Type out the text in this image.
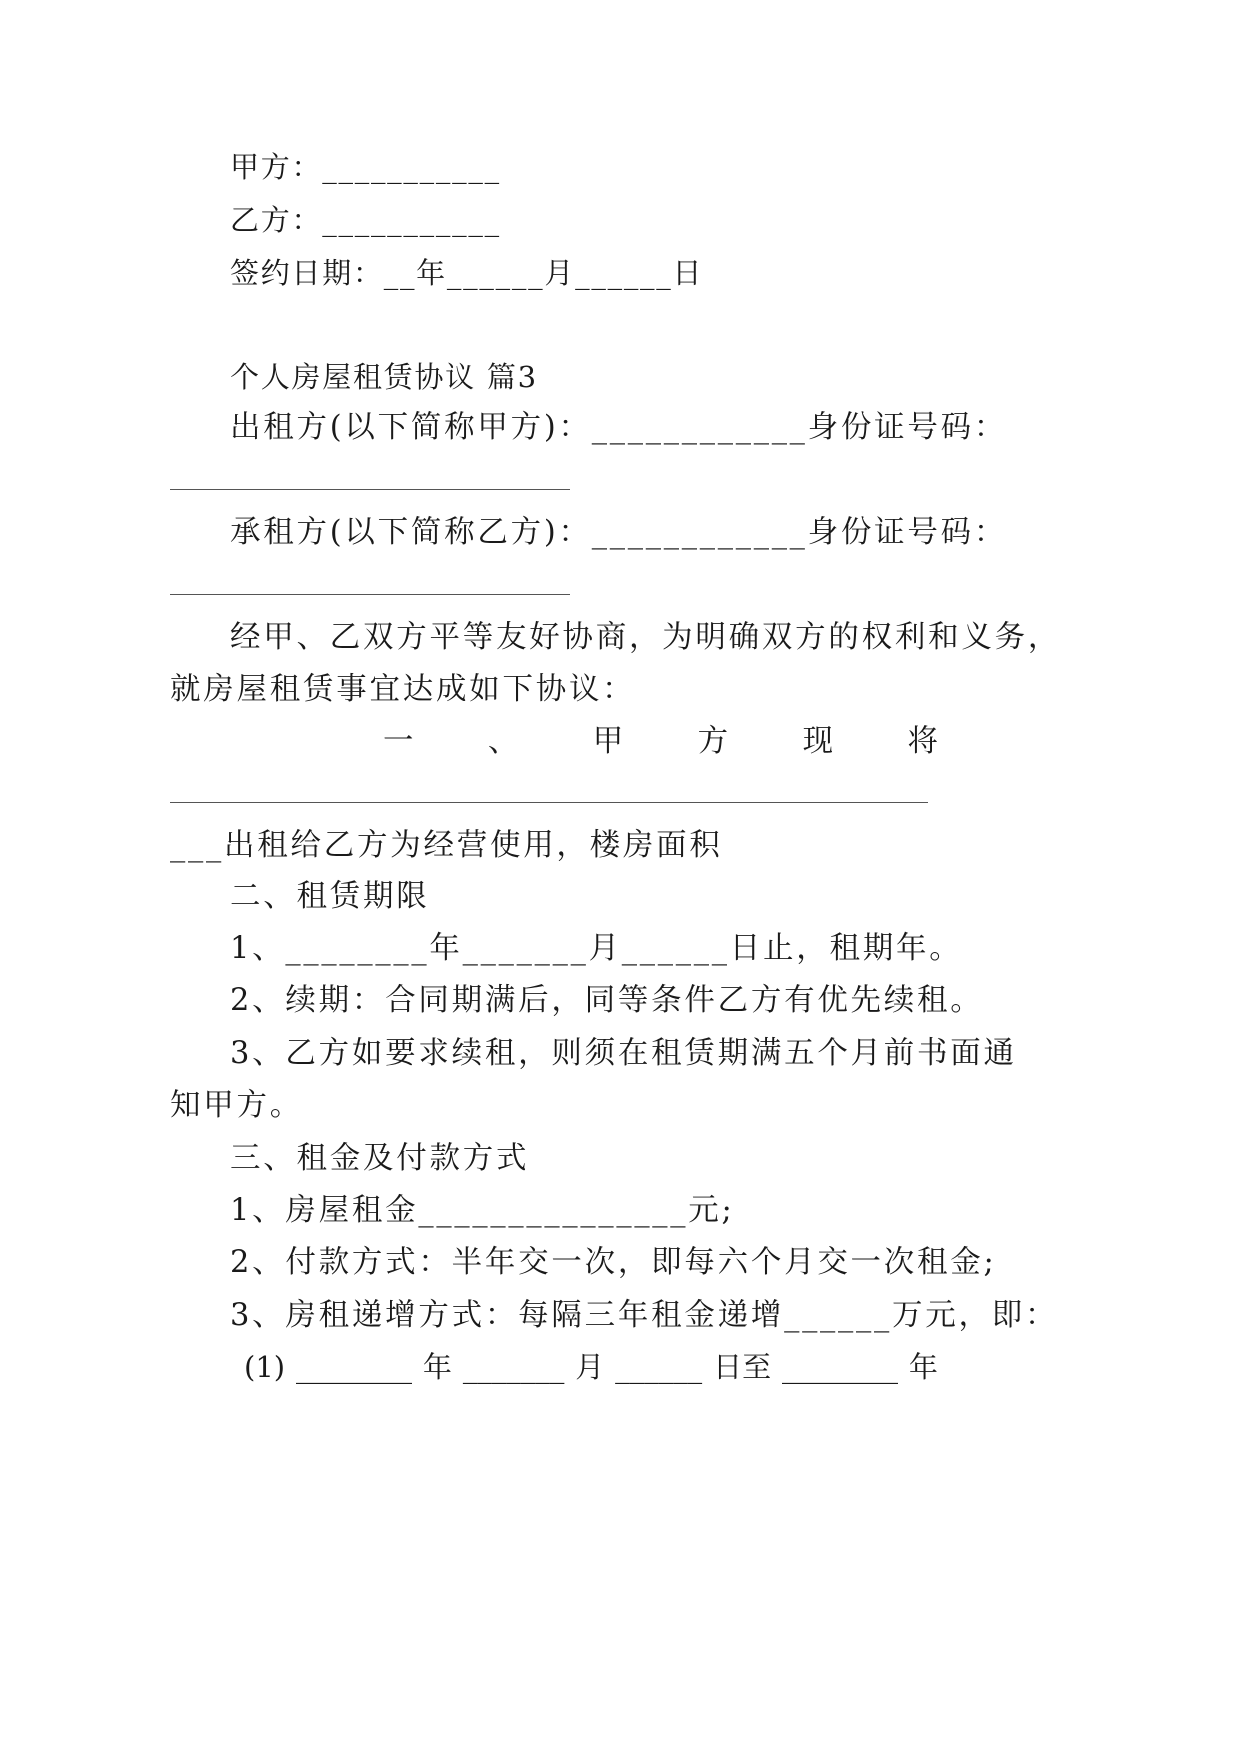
甲方：___________
乙方：___________
签约日期：__年______月______日
个人房屋租赁协议 篇3
出租方(以下简称甲方)：____________身份证号码：
承租方(以下简称乙方)：____________身份证号码：
经甲、乙双方平等友好协商，为明确双方的权利和义务，
就房屋租赁事宜达成如下协议：
一 、 甲 方 现 将
___出租给乙方为经营使用，楼房面积
二、租赁期限
1、________年_______月______日止，租期年。
2、续期：合同期满后，同等条件乙方有优先续租。
3、乙方如要求续租，则须在租赁期满五个月前书面通
知甲方。
三、租金及付款方式
1、房屋租金_______________元;
2、付款方式：半年交一次，即每六个月交一次租金;
3、房租递增方式：每隔三年租金递增______万元，即：
(1) ________ 年 _______ 月 ______ 日至 ________ 年
